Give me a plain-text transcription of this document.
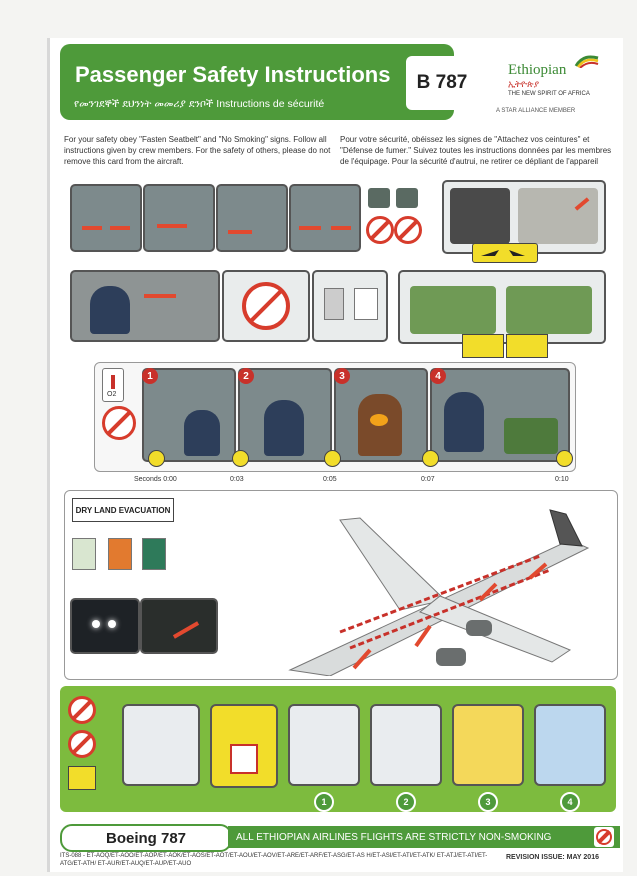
Passenger Safety Instructions
የመንገደኞች ደህንነት መመሪያ ደንቦች Instructions de sécurité
B 787
Ethiopian
ኢትዮጵያ
THE NEW SPIRIT OF AFRICA
A STAR ALLIANCE MEMBER
For your safety obey "Fasten Seatbelt" and "No Smoking" signs. Follow all instructions given by crew members. For the safety of others, please do not remove this card from the aircraft.
Pour votre sécurité, obéissez les signes de "Attachez vos ceintures" et "Défense de fumer." Suivez toutes les instructions données par les membres de l'équipage. Pour la sécurité d'autrui, ne retirer ce dépliant de l'appareil
O2
1	2	3	4
Seconds 0:00	0:03	0:05	0:07	0:10
DRY LAND EVACUATION
1	2	3	4
Boeing 787	ALL ETHIOPIAN AIRLINES FLIGHTS ARE STRICTLY NON-SMOKING
ITS-088 - ET-AOQ/ET-AOO/ET-AOP/ET-AOK/ET-AOS/ET-AOT/ET-AOU/ET-AOV/ET-ARE/ET-ARF/ET-ASG/ET-AS H/ET-ASI/ET-ATI/ET-ATK/ ET-ATJ/ET-ATI/ET-ATG/ET-ATH/ ET-AUR/ET-AUQ/ET-AUP/ET-AUO
REVISION ISSUE: MAY 2016
